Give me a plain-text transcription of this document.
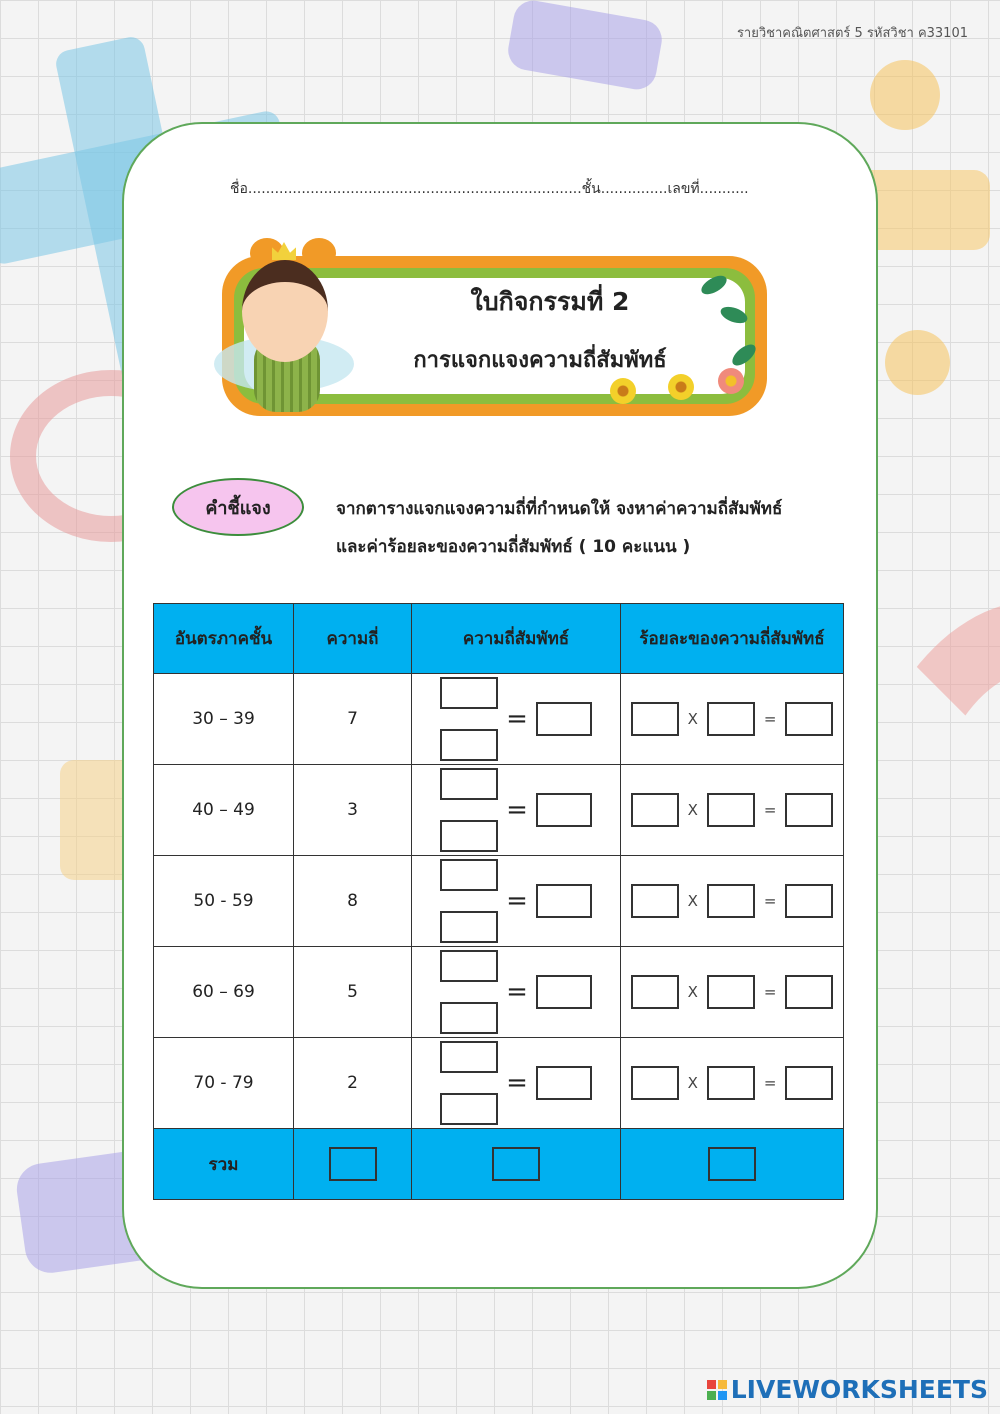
รายวิชาคณิตศาสตร์ 5 รหัสวิชา ค33101
ชื่อ...........................................................................ชั้น...............เลขที่...........
ใบกิจกรรมที่ 2
การแจกแจงความถี่สัมพัทธ์
คำชี้แจง	จากตารางแจกแจงความถี่ที่กำหนดให้ จงหาค่าความถี่สัมพัทธ์
และค่าร้อยละของความถี่สัมพัทธ์ ( 10 คะแนน )
อันตรภาคชั้น	ความถี่	ความถี่สัมพัทธ์	ร้อยละของความถี่สัมพัทธ์
30 – 39	7	=	X =
40 – 49	3	=	X =
50 - 59	8	=	X =
60 – 69	5	=	X =
70 - 79	2	=	X =
รวม			
LIVEWORKSHEETS
